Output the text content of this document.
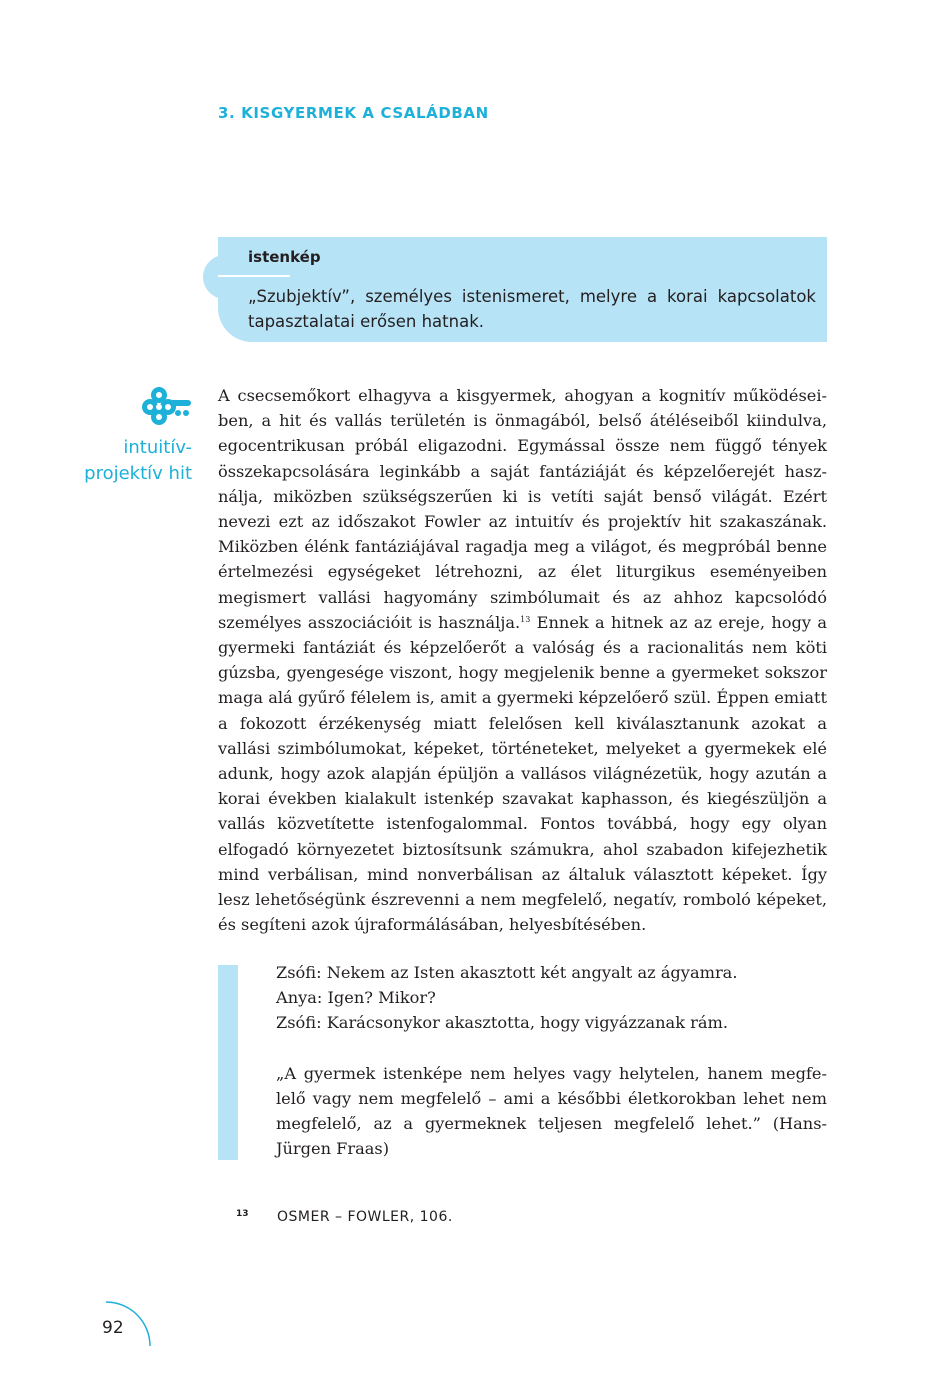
3. KISGYERMEK A CSALÁDBAN
istenkép
„Szubjektív”, személyes istenismeret, melyre a korai kapcsolatok tapasztalatai erősen hatnak.
intuitív-
projektív hit
A csecsemőkort elhagyva a kisgyermek, ahogyan a kognitív működéseiben, a hit és vallás területén is önmagából, belső átéléseiből kiindulva, egocentrikusan próbál eligazodni. Egymással össze nem függő tények összekapcsolására leginkább a saját fantáziáját és képzelőerejét használja, miközben szükségszerűen ki is vetíti saját benső világát. Ezért nevezi ezt az időszakot Fowler az intuitív és projektív hit szakaszának. Miközben élénk fantáziájával ragadja meg a világot, és megpróbál benne értelmezési egységeket létrehozni, az élet liturgikus eseményeiben megismert vallási hagyomány szimbólumait és az ahhoz kapcsolódó személyes asszociációit is használja.$^{13}$ Ennek a hitnek az az ereje, hogy a gyermeki fantáziát és képzelőerőt a valóság és a racionalitás nem köti gúzsba, gyengesége viszont, hogy megjelenik benne a gyermeket sokszor maga alá gyűrő félelem is, amit a gyermeki képzelőerő szül. Éppen emiatt a fokozott érzékenység miatt felelősen kell kiválasztanunk azokat a vallási szimbólumokat, képeket, történeteket, melyeket a gyermekek elé adunk, hogy azok alapján épüljön a vallásos világnézetük, hogy azután a korai években kialakult istenkép szavakat kaphasson, és kiegészüljön a vallás közvetítette istenfogalommal. Fontos továbbá, hogy egy olyan elfogadó környezetet biztosítsunk számukra, ahol szabadon kifejezhetik mind verbálisan, mind nonverbálisan az általuk választott képeket. Így lesz lehetőségünk észrevenni a nem megfelelő, negatív, romboló képeket, és segíteni azok újraformálásában, helyesbítésében.

Zsófi: Nekem az Isten akasztott két angyalt az ágyamra.

Anya: Igen? Mikor?

Zsófi: Karácsonykor akasztotta, hogy vigyázzanak rám.

„A gyermek istenképe nem helyes vagy helytelen, hanem megfelelő vagy nem megfelelő – ami a későbbi életkorokban lehet nem megfelelő, az a gyermeknek teljesen megfelelő lehet.” (Hans-Jürgen Fraas)

13 OSMER – FOWLER, 106.
92
